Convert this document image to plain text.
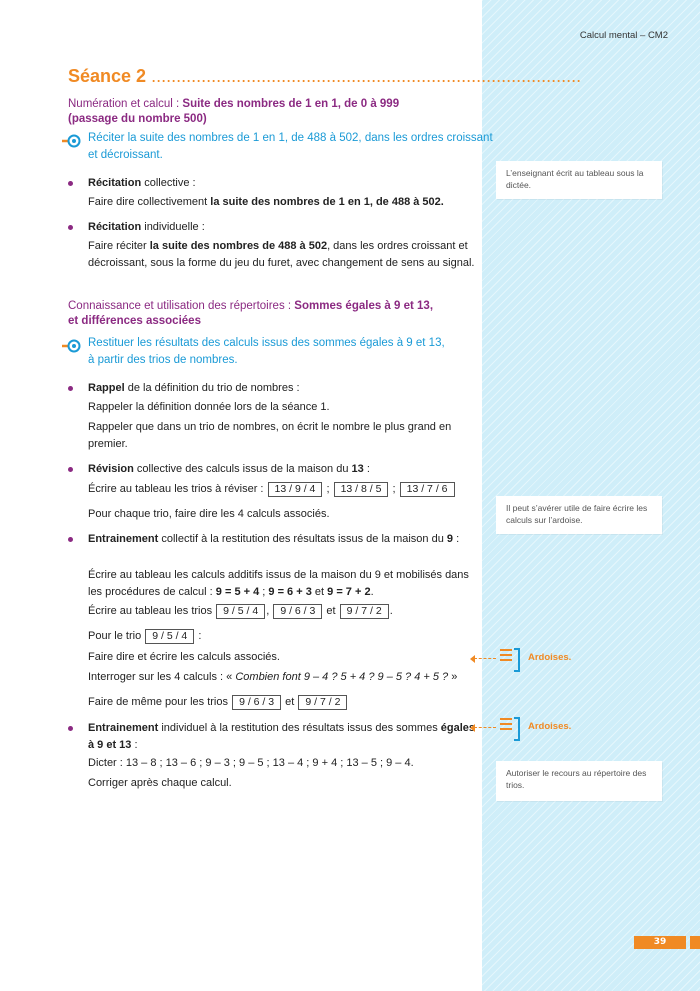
Calcul mental – CM2
Séance 2 ......................................................................................
Numération et calcul : Suite des nombres de 1 en 1, de 0 à 999
(passage du nombre 500)
Réciter la suite des nombres de 1 en 1, de 488 à 502, dans les ordres croissant
et décroissant.
Récitation collective :
Faire dire collectivement la suite des nombres de 1 en 1, de 488 à 502.
Récitation individuelle :
Faire réciter la suite des nombres de 488 à 502, dans les ordres croissant et décroissant, sous la forme du jeu du furet, avec changement de sens au signal.
Connaissance et utilisation des répertoires : Sommes égales à 9 et 13,
et différences associées
Restituer les résultats des calculs issus des sommes égales à 9 et 13,
à partir des trios de nombres.
Rappel de la définition du trio de nombres :
Rappeler la définition donnée lors de la séance 1.
Rappeler que dans un trio de nombres, on écrit le nombre le plus grand en premier.
Révision collective des calculs issus de la maison du 13 :
Écrire au tableau les trios à réviser : 13 / 9 / 4 ; 13 / 8 / 5 ; 13 / 7 / 6
Pour chaque trio, faire dire les 4 calculs associés.
Entrainement collectif à la restitution des résultats issus de la maison du 9 :
Écrire au tableau les calculs additifs issus de la maison du 9 et mobilisés dans les procédures de calcul : 9 = 5 + 4 ; 9 = 6 + 3 et 9 = 7 + 2.
Écrire au tableau les trios 9 / 5 / 4 , 9 / 6 / 3 et 9 / 7 / 2 .
Pour le trio 9 / 5 / 4 :
Faire dire et écrire les calculs associés.
Interroger sur les 4 calculs : « Combien font 9 – 4 ? 5 + 4 ? 9 – 5 ? 4 + 5 ? »
Faire de même pour les trios 9 / 6 / 3 et 9 / 7 / 2
Entrainement individuel à la restitution des résultats issus des sommes égales à 9 et 13 :
Dicter : 13 – 8 ; 13 – 6 ; 9 – 3 ; 9 – 5 ; 13 – 4 ; 9 + 4 ; 13 – 5 ; 9 – 4.
Corriger après chaque calcul.
L’enseignant écrit au tableau sous la dictée.
Il peut s’avérer utile de faire écrire les calculs sur l’ardoise.
Autoriser le recours au répertoire des trios.
Ardoises.
Ardoises.
39
